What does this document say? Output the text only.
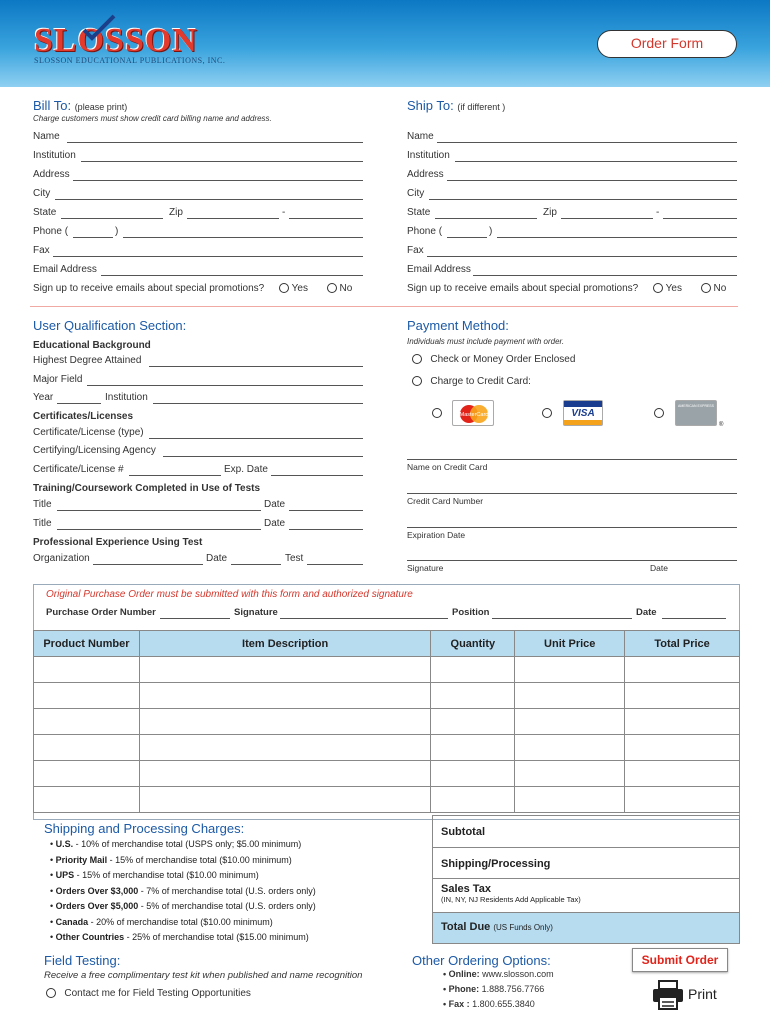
SLOSSON
SLOSSON EDUCATIONAL PUBLICATIONS, INC.
Order Form
Bill To: (please print)
Charge customers must show credit card billing name and address.
Name
Institution
Address
City
State	Zip	-
Phone (	)
Fax
Email Address
Sign up to receive emails about special promotions?	Yes	No
Ship To: (if different )
Name
Institution
Address
City
State	Zip	-
Phone (	)
Fax
Email Address
Sign up to receive emails about special promotions?	Yes	No
User Qualification Section:
Educational Background
Highest Degree Attained
Major Field
Year	Institution
Certificates/Licenses
Certificate/License (type)
Certifying/Licensing Agency
Certificate/License #	Exp. Date
Training/Coursework Completed in Use of Tests
Title	Date
Title	Date
Professional Experience Using Test
Organization	Date	Test
Payment Method:
Individuals must include payment with order.
Check or Money Order Enclosed
Charge to Credit Card:
MasterCard	VISA
AMERICAN EXPRESS
®
Name on Credit Card
Credit Card Number
Expiration Date
Signature	Date
Original Purchase Order must be submitted with this form and authorized signature
Purchase Order Number	Signature	Position	Date
Product Number	Item Description	Quantity	Unit Price	Total Price

Shipping and Processing Charges:
• U.S. - 10% of merchandise total (USPS only; $5.00 minimum)
• Priority Mail - 15% of merchandise total ($10.00 minimum)
• UPS - 15% of merchandise total ($10.00 minimum)
• Orders Over $3,000 - 7% of merchandise total (U.S. orders only)
• Orders Over $5,000 - 5% of merchandise total (U.S. orders only)
• Canada - 20% of merchandise total ($10.00 minimum)
• Other Countries - 25% of merchandise total ($15.00 minimum)
Subtotal
Shipping/Processing
Sales Tax
(IN, NY, NJ Residents Add Applicable Tax)
Total Due (US Funds Only)
Field Testing:
Receive a free complimentary test kit when published and name recognition
Contact me for Field Testing Opportunities
Other Ordering Options:
• Online: www.slosson.com
• Phone: 1.888.756.7766
• Fax : 1.800.655.3840
Submit Order
Print
